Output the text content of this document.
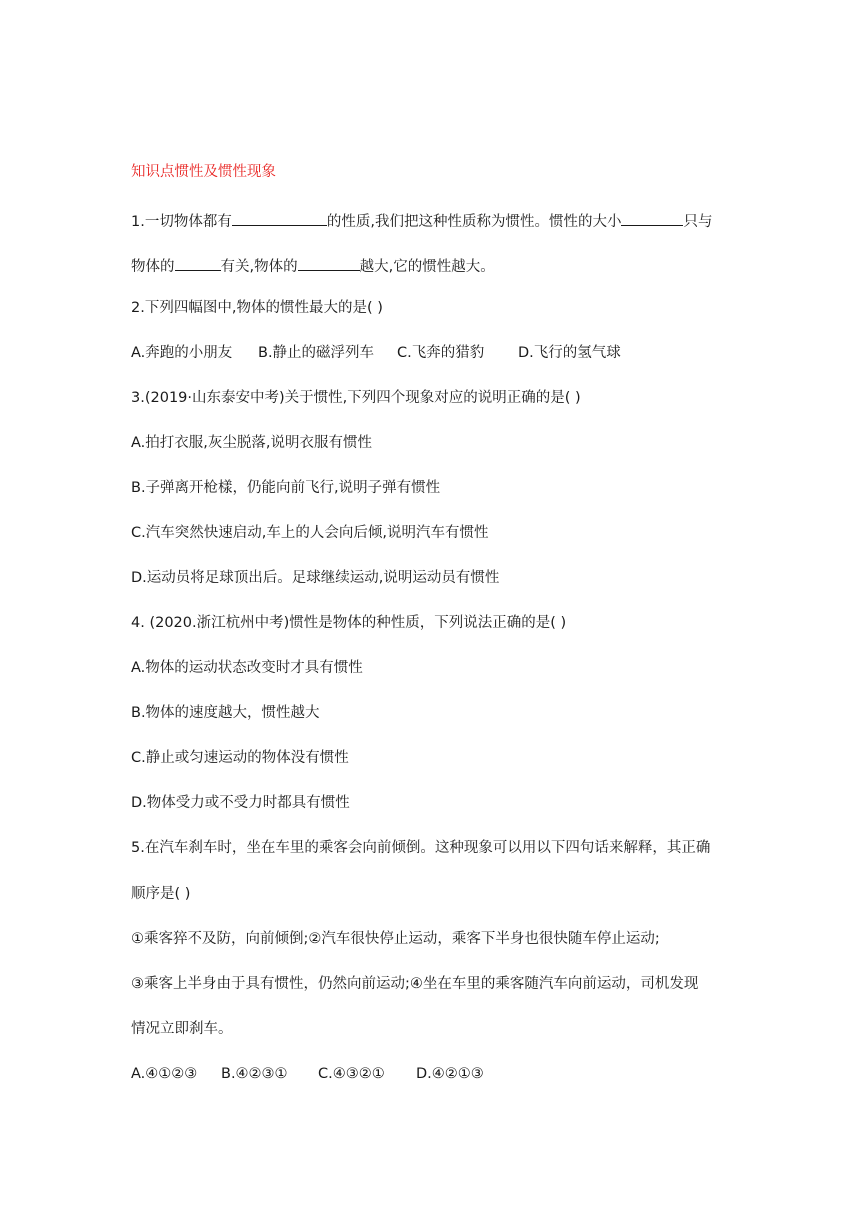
知识点惯性及惯性现象
1.一切物体都有	的性质,我们把这种性质称为惯性。惯性的大小	只与
物体的	有关,物体的	越大,它的惯性越大。
2.下列四幅图中,物体的惯性最大的是( )
A.奔跑的小朋友 B.静止的磁浮列车 C.飞奔的猎豹 D.飞行的氢气球
3.(2019·山东泰安中考)关于惯性,下列四个现象对应的说明正确的是( )
A.拍打衣服,灰尘脱落,说明衣服有惯性
B.子弹离开枪樣，仍能向前飞行,说明子弹有惯性
C.汽车突然快速启动,车上的人会向后倾,说明汽车有惯性
D.运动员将足球顶出后。足球继续运动,说明运动员有惯性
4. (2020.浙江杭州中考)惯性是物体的种性质，下列说法正确的是( )
A.物体的运动状态改变时才具有惯性
B.物体的速度越大，惯性越大
C.静止或匀速运动的物体没有惯性
D.物体受力或不受力时都具有惯性
5.在汽车刹车时，坐在车里的乘客会向前倾倒。这种现象可以用以下四句话来解释，其正确
顺序是( )
①乘客猝不及防，向前倾倒;②汽车很快停止运动，乘客下半身也很快随车停止运动;
③乘客上半身由于具有惯性，仍然向前运动;④坐在车里的乘客随汽车向前运动，司机发现
情况立即刹车。
A.④①②③ B.④②③① C.④③②① D.④②①③
